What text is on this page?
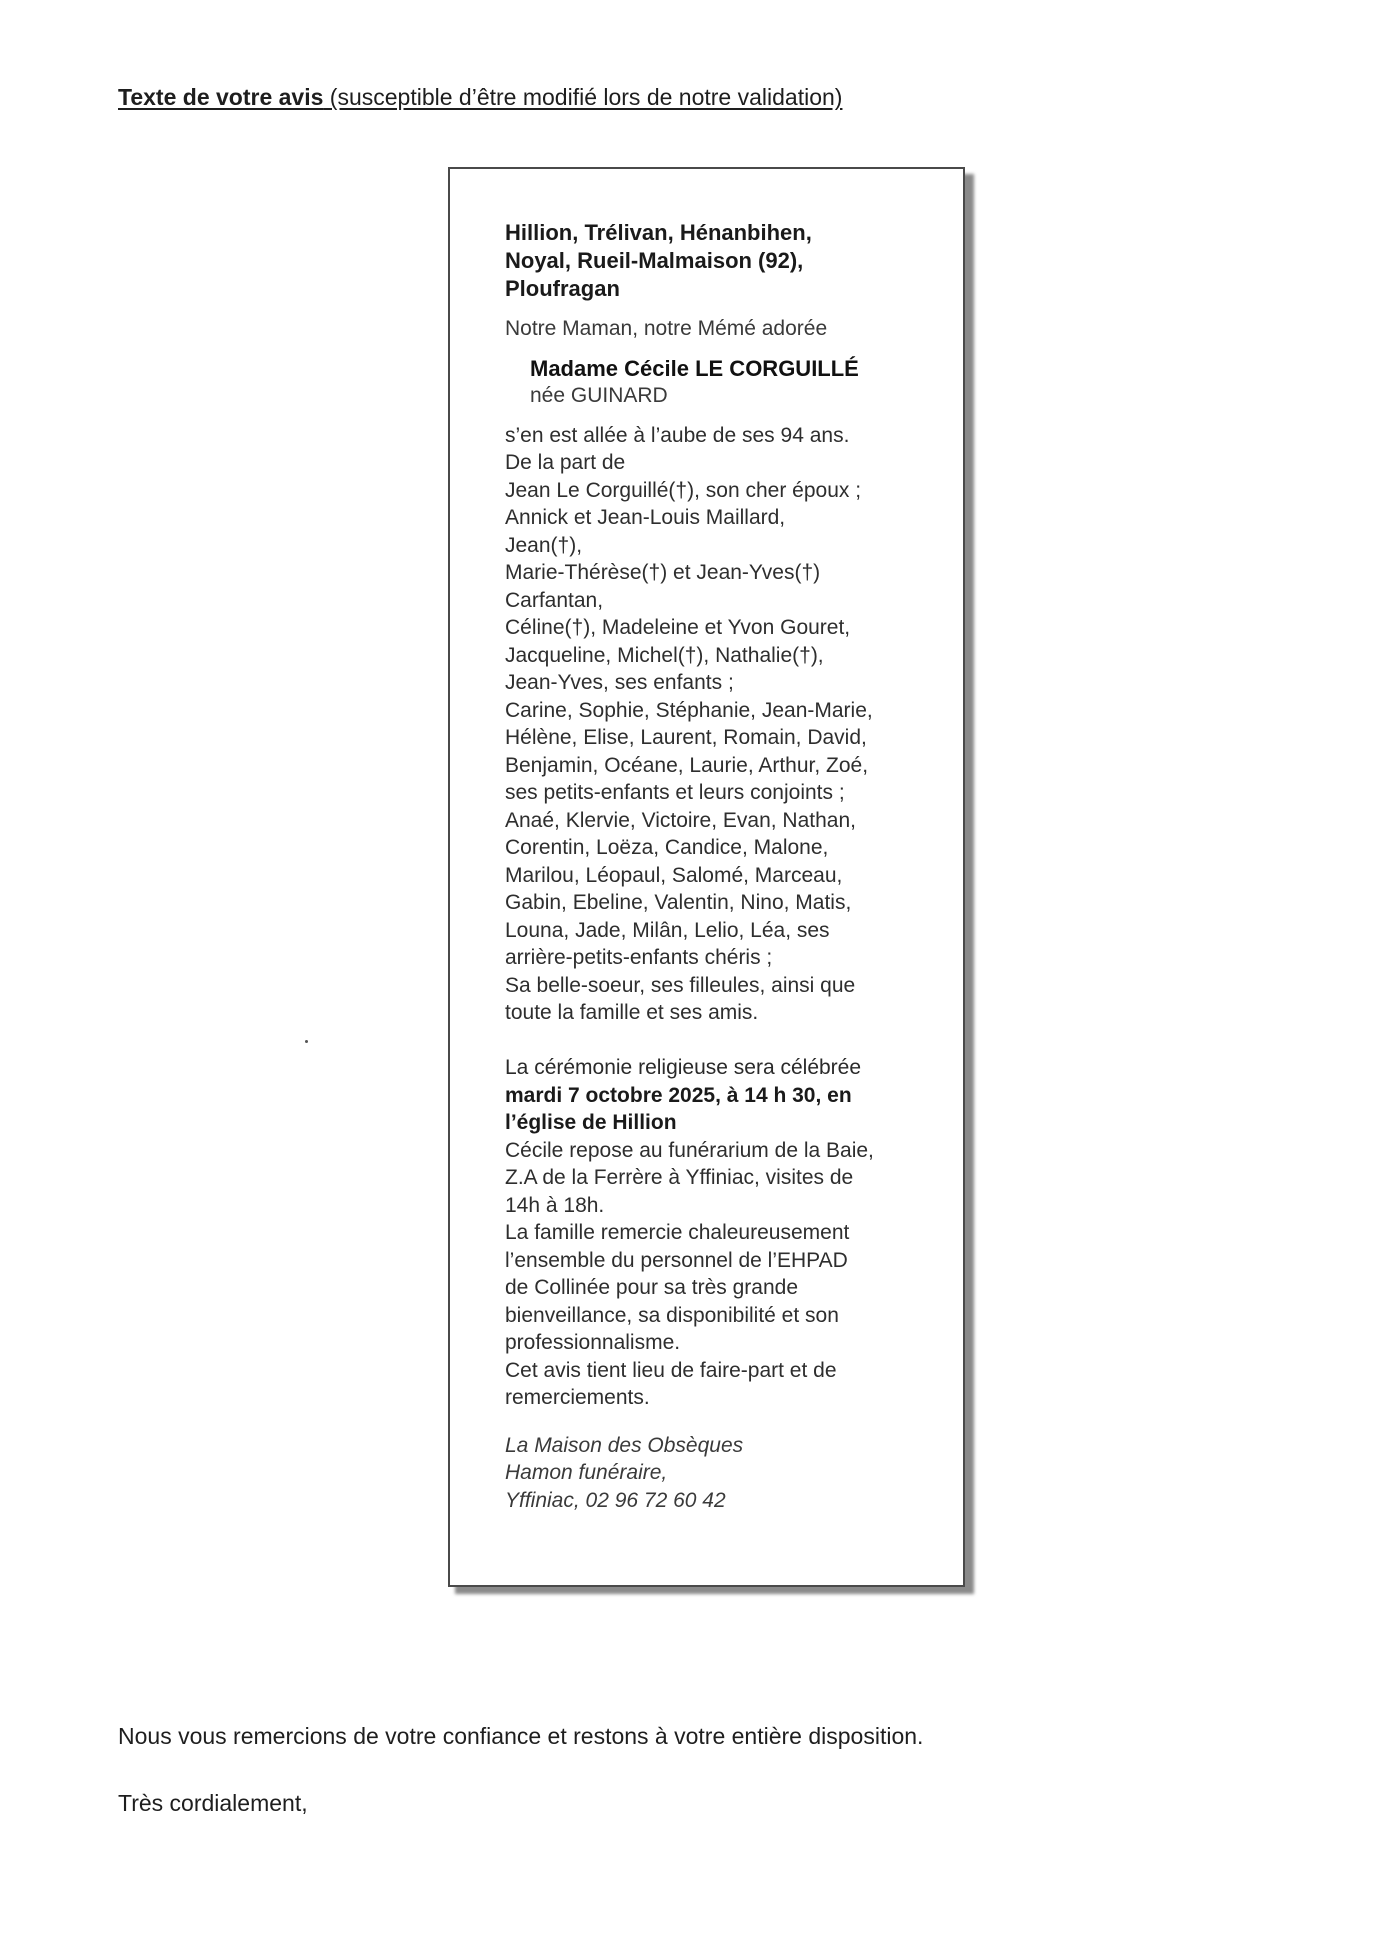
Texte de votre avis (susceptible d’être modifié lors de notre validation)

Hillion, Trélivan, Hénanbihen,
Noyal, Rueil-Malmaison (92),
Ploufragan
Notre Maman, notre Mémé adorée
Madame Cécile LE CORGUILLÉ
née GUINARD
s’en est allée à l’aube de ses 94 ans.
De la part de
Jean Le Corguillé(†), son cher époux ;
Annick et Jean-Louis Maillard,
Jean(†),
Marie-Thérèse(†) et Jean-Yves(†)
Carfantan,
Céline(†), Madeleine et Yvon Gouret,
Jacqueline, Michel(†), Nathalie(†),
Jean-Yves, ses enfants ;
Carine, Sophie, Stéphanie, Jean-Marie,
Hélène, Elise, Laurent, Romain, David,
Benjamin, Océane, Laurie, Arthur, Zoé,
ses petits-enfants et leurs conjoints ;
Anaé, Klervie, Victoire, Evan, Nathan,
Corentin, Loëza, Candice, Malone,
Marilou, Léopaul, Salomé, Marceau,
Gabin, Ebeline, Valentin, Nino, Matis,
Louna, Jade, Milân, Lelio, Léa, ses
arrière-petits-enfants chéris ;
Sa belle-soeur, ses filleules, ainsi que
toute la famille et ses amis.
La cérémonie religieuse sera célébrée
mardi 7 octobre 2025, à 14 h 30, en
l’église de Hillion
Cécile repose au funérarium de la Baie,
Z.A de la Ferrère à Yffiniac, visites de
14h à 18h.
La famille remercie chaleureusement
l’ensemble du personnel de l’EHPAD
de Collinée pour sa très grande
bienveillance, sa disponibilité et son
professionnalisme.
Cet avis tient lieu de faire-part et de
remerciements.
La Maison des Obsèques
Hamon funéraire,
Yffiniac, 02 96 72 60 42
Nous vous remercions de votre confiance et restons à votre entière disposition.
Très cordialement,
